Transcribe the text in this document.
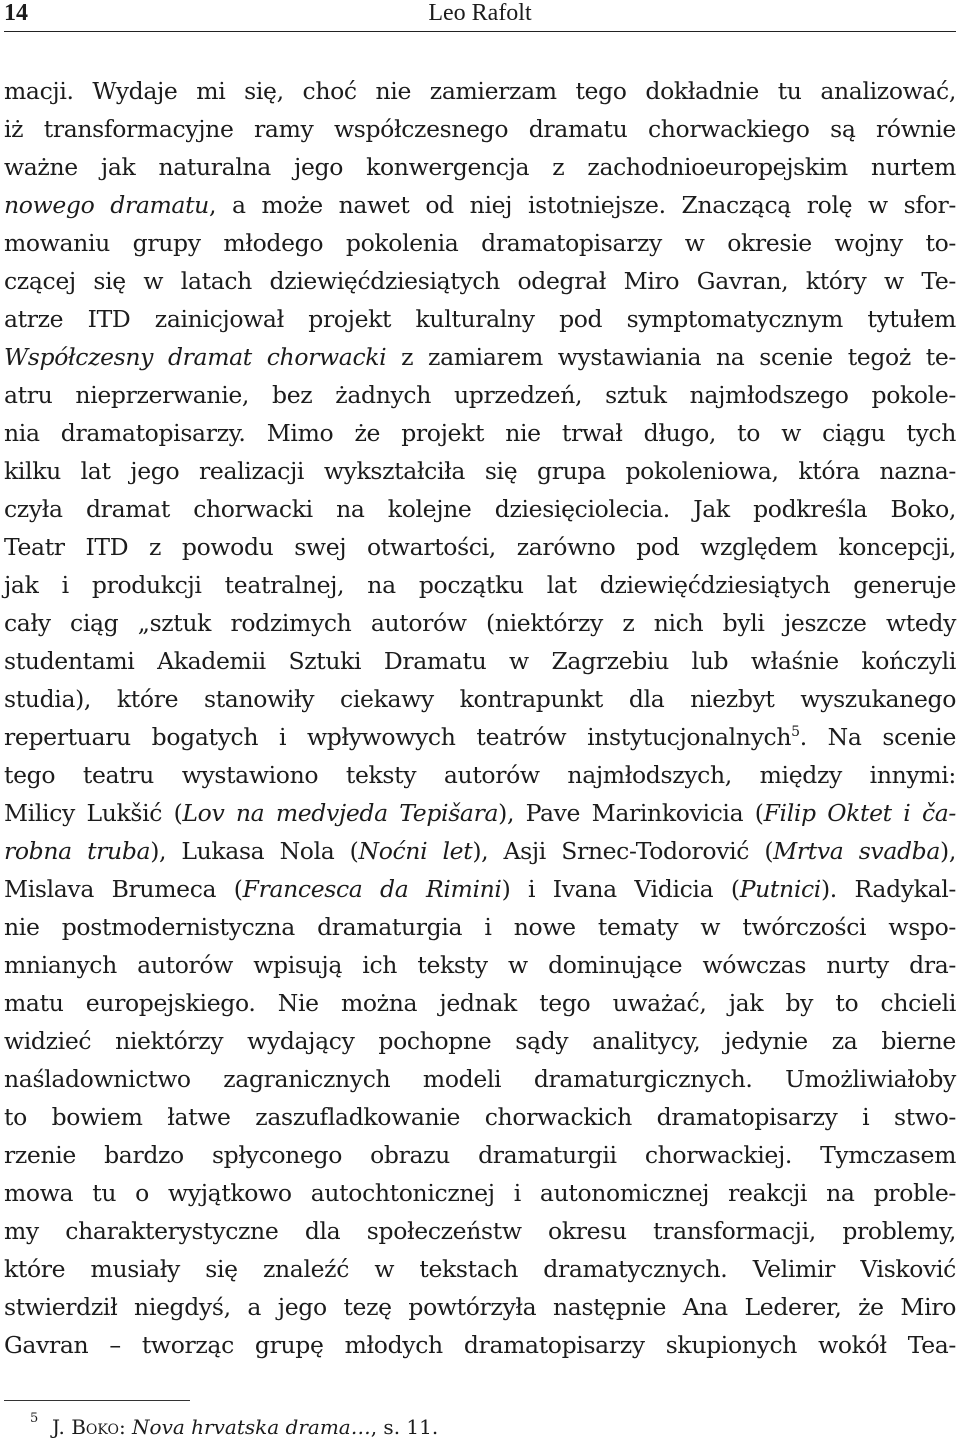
14	Leo Rafolt
macji. Wydaje mi się, choć nie zamierzam tego dokładnie tu analizować,
iż transformacyjne ramy współczesnego dramatu chorwackiego są równie
ważne jak naturalna jego konwergencja z zachodnioeuropejskim nurtem
nowego dramatu, a może nawet od niej istotniejsze. Znaczącą rolę w sfor-
mowaniu grupy młodego pokolenia dramatopisarzy w okresie wojny to-
czącej się w latach dziewięćdziesiątych odegrał Miro Gavran, który w Te-
atrze ITD zainicjował projekt kulturalny pod symptomatycznym tytułem
Współczesny dramat chorwacki z zamiarem wystawiania na scenie tegoż te-
atru nieprzerwanie, bez żadnych uprzedzeń, sztuk najmłodszego pokole-
nia dramatopisarzy. Mimo że projekt nie trwał długo, to w ciągu tych
kilku lat jego realizacji wykształciła się grupa pokoleniowa, która nazna-
czyła dramat chorwacki na kolejne dziesięciolecia. Jak podkreśla Boko,
Teatr ITD z powodu swej otwartości, zarówno pod względem koncepcji,
jak i produkcji teatralnej, na początku lat dziewięćdziesiątych generuje
cały ciąg „sztuk rodzimych autorów (niektórzy z nich byli jeszcze wtedy
studentami Akademii Sztuki Dramatu w Zagrzebiu lub właśnie kończyli
studia), które stanowiły ciekawy kontrapunkt dla niezbyt wyszukanego
repertuaru bogatych i wpływowych teatrów instytucjonalnych$^5$. Na scenie
tego teatru wystawiono teksty autorów najmłodszych, między innymi:
Milicy Lukšić (Lov na medvjeda Tepišara), Pave Marinkovicia (Filip Oktet i ča-
robna truba), Lukasa Nola (Noćni let), Asji Srnec-Todorović (Mrtva svadba),
Mislava Brumeca (Francesca da Rimini) i Ivana Vidicia (Putnici). Radykal-
nie postmodernistyczna dramaturgia i nowe tematy w twórczości wspo-
mnianych autorów wpisują ich teksty w dominujące wówczas nurty dra-
matu europejskiego. Nie można jednak tego uważać, jak by to chcieli
widzieć niektórzy wydający pochopne sądy analitycy, jedynie za bierne
naśladownictwo zagranicznych modeli dramaturgicznych. Umożliwiałoby
to bowiem łatwe zaszufladkowanie chorwackich dramatopisarzy i stwo-
rzenie bardzo spłyconego obrazu dramaturgii chorwackiej. Tymczasem
mowa tu o wyjątkowo autochtonicznej i autonomicznej reakcji na proble-
my charakterystyczne dla społeczeństw okresu transformacji, problemy,
które musiały się znaleźć w tekstach dramatycznych. Velimir Visković
stwierdził niegdyś, a jego tezę powtórzyła następnie Ana Lederer, że Miro
Gavran – tworząc grupę młodych dramatopisarzy skupionych wokół Tea-
5 J. Boko: Nova hrvatska drama…, s. 11.
